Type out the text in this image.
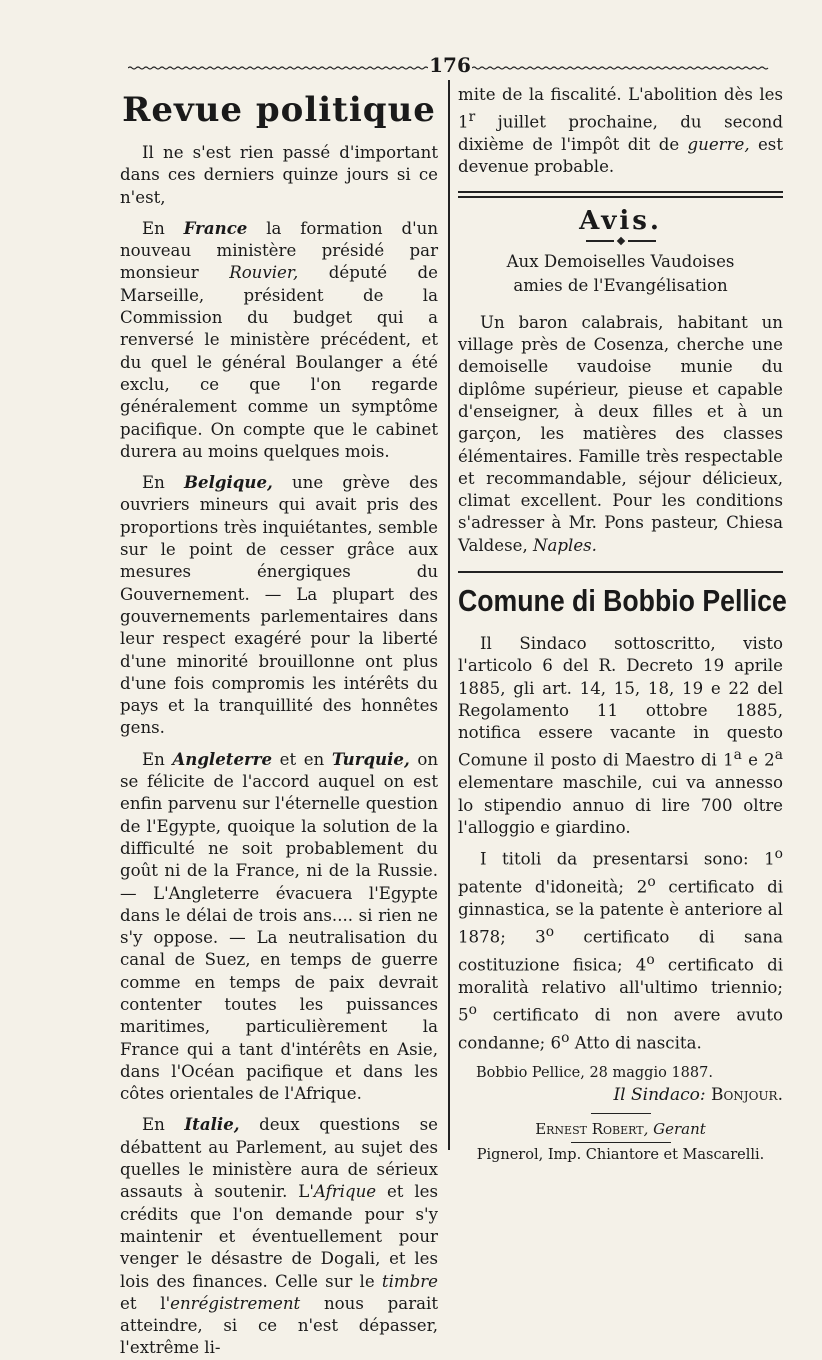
176
Revue politique

Il ne s'est rien passé d'important dans ces derniers quinze jours si ce n'est,

En France la formation d'un nouveau ministère présidé par monsieur Rouvier, député de Marseille, président de la Commission du budget qui a renversé le ministère précédent, et du quel le général Boulanger a été exclu, ce que l'on regarde généralement comme un symptôme pacifique. On compte que le cabinet durera au moins quelques mois.

En Belgique, une grève des ouvriers mineurs qui avait pris des proportions très inquiétantes, semble sur le point de cesser grâce aux mesures énergiques du Gouvernement. — La plupart des gouvernements parlementaires dans leur respect exagéré pour la liberté d'une minorité brouillonne ont plus d'une fois compromis les intérêts du pays et la tranquillité des honnêtes gens.

En Angleterre et en Turquie, on se félicite de l'accord auquel on est enfin parvenu sur l'éternelle question de l'Egypte, quoique la solution de la difficulté ne soit probablement du goût ni de la France, ni de la Russie. — L'Angleterre évacuera l'Egypte dans le délai de trois ans.... si rien ne s'y oppose. — La neutralisation du canal de Suez, en temps de guerre comme en temps de paix devrait contenter toutes les puissances maritimes, particulièrement la France qui a tant d'intérêts en Asie, dans l'Océan pacifique et dans les côtes orientales de l'Afrique.

En Italie, deux questions se débattent au Parlement, au sujet des quelles le ministère aura de sérieux assauts à soutenir. L'Afrique et les crédits que l'on demande pour s'y maintenir et éventuellement pour venger le désastre de Dogali, et les lois des finances. Celle sur le timbre et l'enrégistrement nous parait atteindre, si ce n'est dépasser, l'extrême li-

mite de la fiscalité. L'abolition dès les 1$^r$ juillet prochaine, du second dixième de l'impôt dit de guerre, est devenue probable.

Avis.

Aux Demoiselles Vaudoises

amies de l'Evangélisation

Un baron calabrais, habitant un village près de Cosenza, cherche une demoiselle vaudoise munie du diplôme supérieur, pieuse et capable d'enseigner, à deux filles et à un garçon, les matières des classes élémentaires. Famille très respectable et recommandable, séjour délicieux, climat excellent. Pour les conditions s'adresser à Mr. Pons pasteur, Chiesa Valdese, Naples.

Comune di Bobbio Pellice

Il Sindaco sottoscritto, visto l'articolo 6 del R. Decreto 19 aprile 1885, gli art. 14, 15, 18, 19 e 22 del Regolamento 11 ottobre 1885, notifica essere vacante in questo Comune il posto di Maestro di 1$^a$ e 2$^a$ elementare maschile, cui va annesso lo stipendio annuo di lire 700 oltre l'alloggio e giardino.

I titoli da presentarsi sono: 1$^o$ patente d'idoneità; 2$^o$ certificato di ginnastica, se la patente è anteriore al 1878; 3$^o$ certificato di sana costituzione fisica; 4$^o$ certificato di moralità relativo all'ultimo triennio; 5$^o$ certificato di non avere avuto condanne; 6$^o$ Atto di nascita.

Bobbio Pellice, 28 maggio 1887.
Il Sindaco: Bonjour.
Ernest Robert, Gerant
Pignerol, Imp. Chiantore et Mascarelli.
